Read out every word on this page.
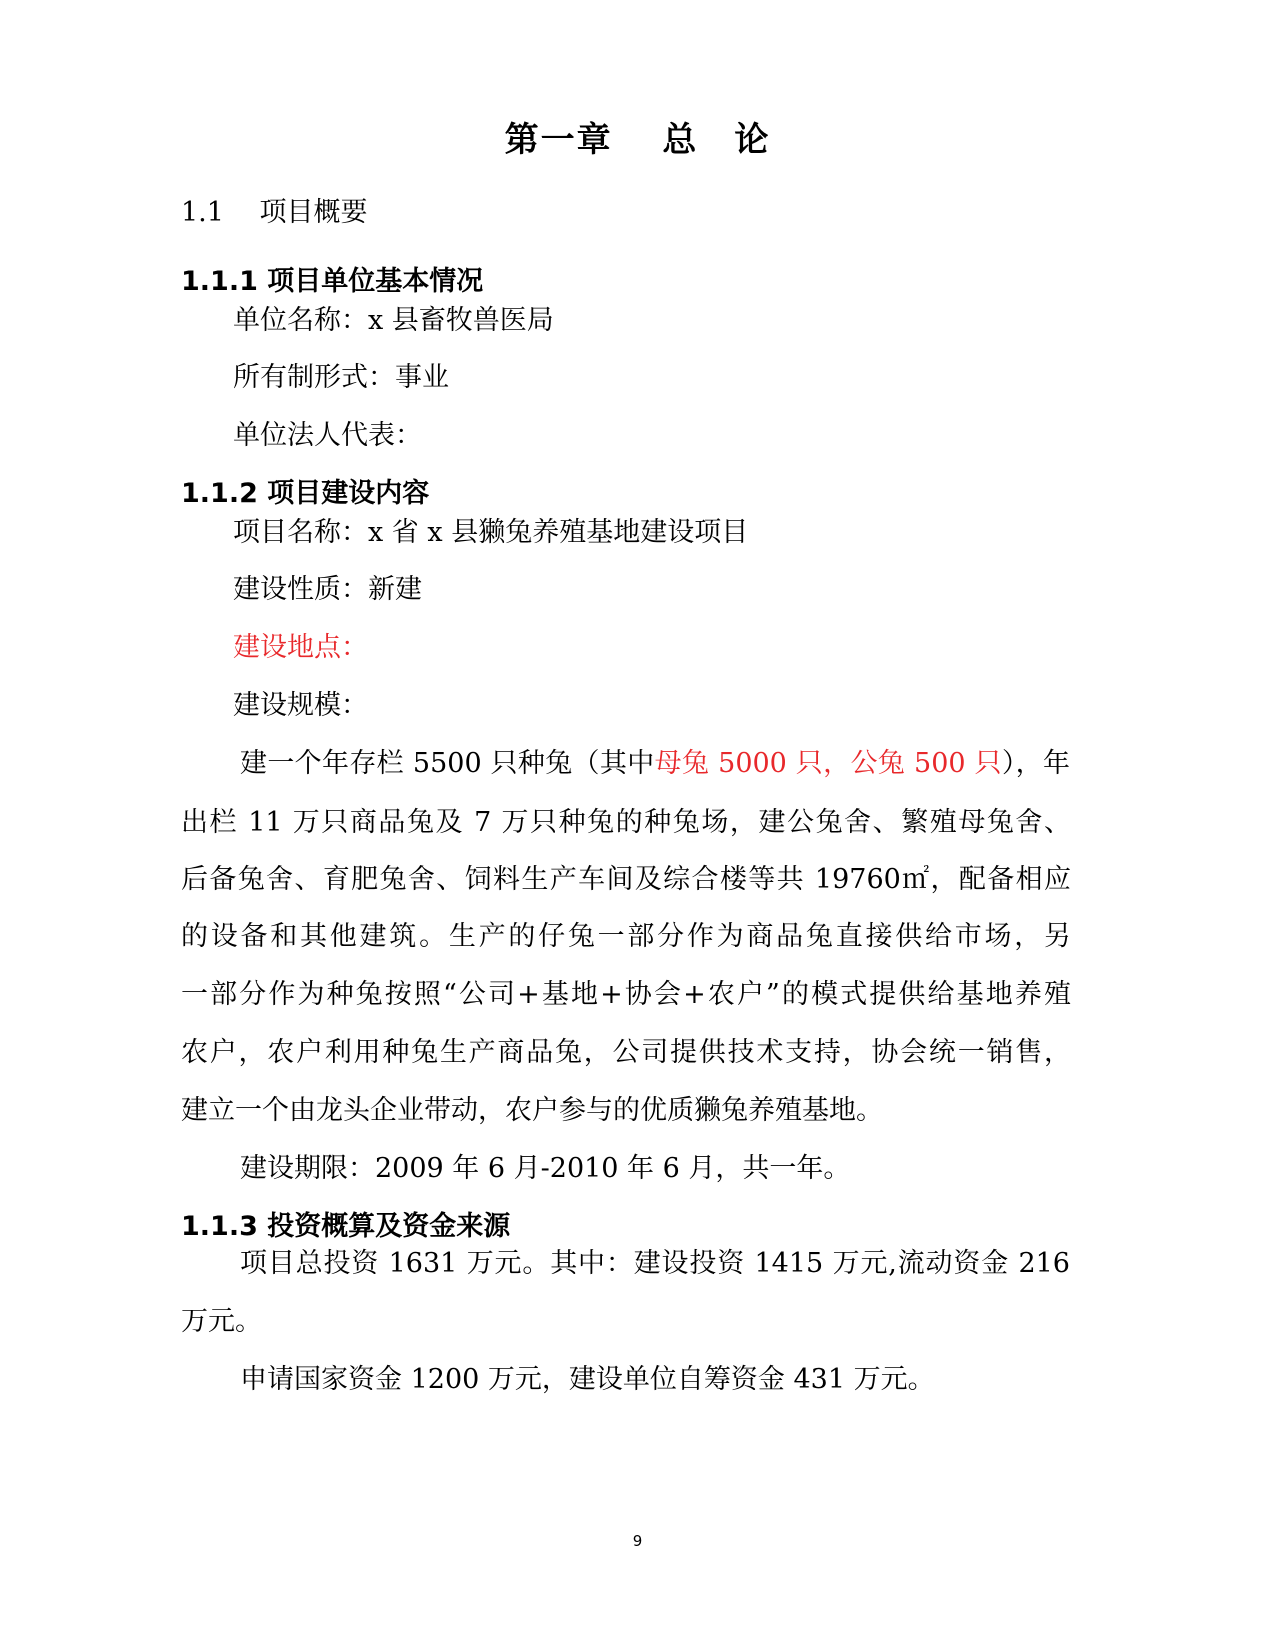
第一章　 总　论
1.1　 项目概要
1.1.1 项目单位基本情况
单位名称：x 县畜牧兽医局
所有制形式：事业
单位法人代表：
1.1.2 项目建设内容
项目名称：x 省 x 县獭兔养殖基地建设项目
建设性质：新建
建设地点：
建设规模：
建一个年存栏 5500 只种兔（其中母兔 5000 只，公兔 500 只），年
出栏 11 万只商品兔及 7 万只种兔的种兔场，建公兔舍、繁殖母兔舍、
后备兔舍、育肥兔舍、饲料生产车间及综合楼等共 19760㎡，配备相应
的设备和其他建筑。生产的仔兔一部分作为商品兔直接供给市场，另
一部分作为种兔按照“公司+基地+协会+农户”的模式提供给基地养殖
农户，农户利用种兔生产商品兔，公司提供技术支持，协会统一销售，
建立一个由龙头企业带动，农户参与的优质獭兔养殖基地。
建设期限：2009 年 6 月-2010 年 6 月，共一年。
1.1.3 投资概算及资金来源
项目总投资 1631 万元。其中：建设投资 1415 万元,流动资金 216
万元。
申请国家资金 1200 万元，建设单位自筹资金 431 万元。
9
